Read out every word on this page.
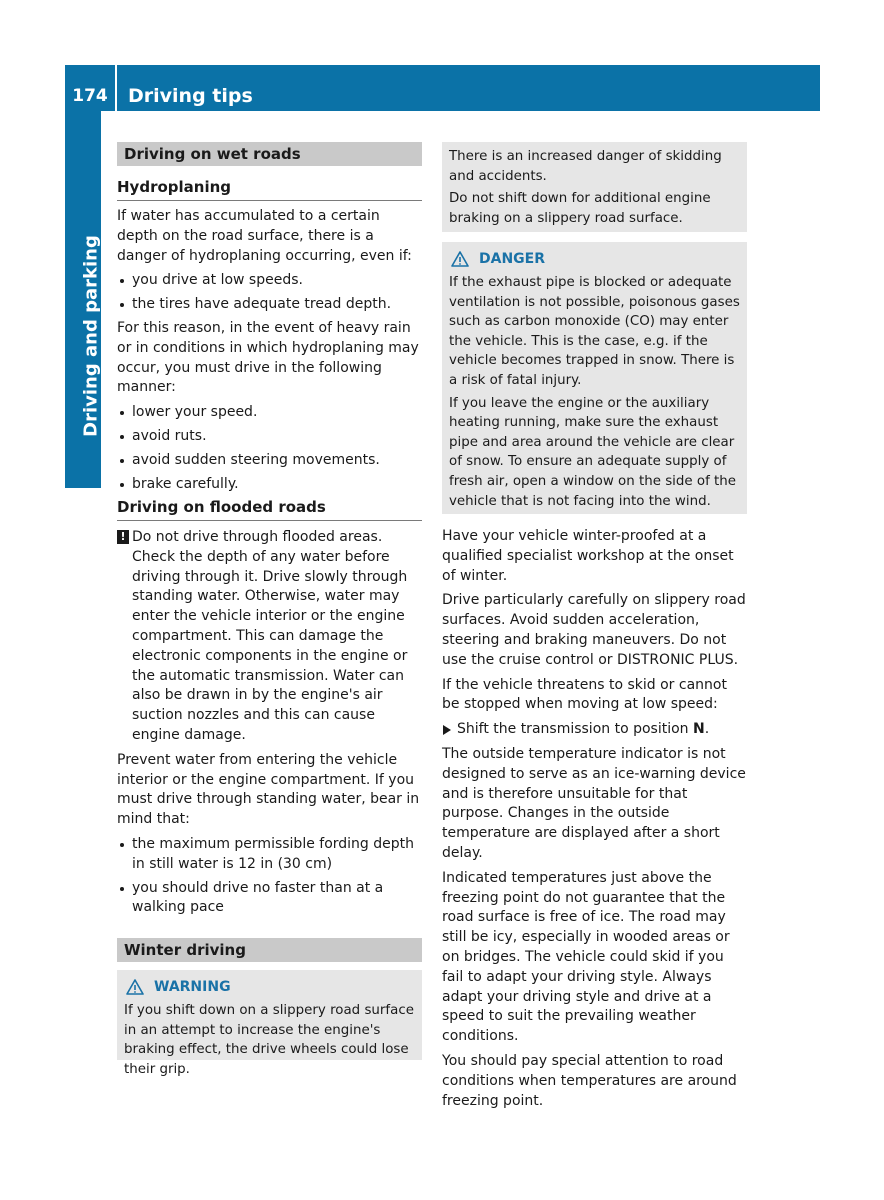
174	Driving tips
Driving and parking
Driving on wet roads
Hydroplaning

If water has accumulated to a certain depth on the road surface, there is a danger of hydroplaning occurring, even if:

you drive at low speeds.
the tires have adequate tread depth.

For this reason, in the event of heavy rain or in conditions in which hydroplaning may occur, you must drive in the following manner:

lower your speed.
avoid ruts.
avoid sudden steering movements.
brake carefully.
Driving on flooded roads

! Do not drive through flooded areas. Check the depth of any water before driving through it. Drive slowly through standing water. Otherwise, water may enter the vehicle interior or the engine compartment. This can damage the electronic components in the engine or the automatic transmission. Water can also be drawn in by the engine's air suction nozzles and this can cause engine damage.

Prevent water from entering the vehicle interior or the engine compartment. If you must drive through standing water, bear in mind that:

the maximum permissible fording depth in still water is 12 in (30 cm)
you should drive no faster than at a walking pace
Winter driving
WARNING

If you shift down on a slippery road surface in an attempt to increase the engine's braking effect, the drive wheels could lose their grip.

There is an increased danger of skidding and accidents.

Do not shift down for additional engine braking on a slippery road surface.

DANGER

If the exhaust pipe is blocked or adequate ventilation is not possible, poisonous gases such as carbon monoxide (CO) may enter the vehicle. This is the case, e.g. if the vehicle becomes trapped in snow. There is a risk of fatal injury.

If you leave the engine or the auxiliary heating running, make sure the exhaust pipe and area around the vehicle are clear of snow. To ensure an adequate supply of fresh air, open a window on the side of the vehicle that is not facing into the wind.

Have your vehicle winter-proofed at a qualified specialist workshop at the onset of winter.

Drive particularly carefully on slippery road surfaces. Avoid sudden acceleration, steering and braking maneuvers. Do not use the cruise control or DISTRONIC PLUS.

If the vehicle threatens to skid or cannot be stopped when moving at low speed:

Shift the transmission to position N.

The outside temperature indicator is not designed to serve as an ice-warning device and is therefore unsuitable for that purpose. Changes in the outside temperature are displayed after a short delay.

Indicated temperatures just above the freezing point do not guarantee that the road surface is free of ice. The road may still be icy, especially in wooded areas or on bridges. The vehicle could skid if you fail to adapt your driving style. Always adapt your driving style and drive at a speed to suit the prevailing weather conditions.

You should pay special attention to road conditions when temperatures are around freezing point.
